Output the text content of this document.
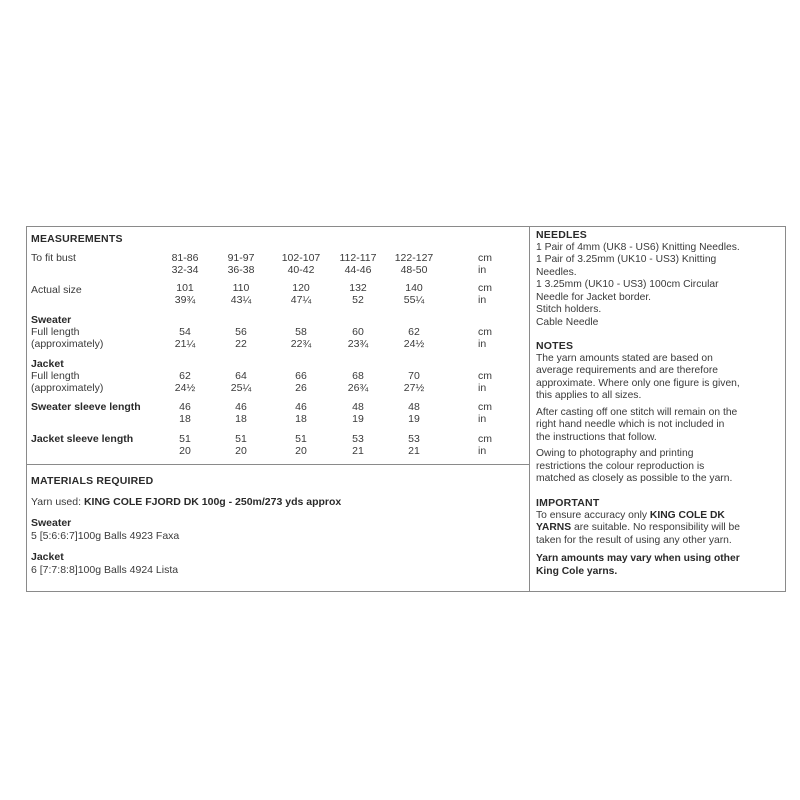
MEASUREMENTS
To fit bust	81-86	91-97	102-107	112-117	122-127	cm
32-34	36-38	40-42	44-46	48-50	in
Actual size	101	110	120	132	140	cm
39¾	43¼	47¼	52	55¼	in
Sweater
Full length
(approximately)
54	56	58	60	62	cm
21¼	22	22¾	23¾	24½	in
Jacket
Full length
(approximately)
62	64	66	68	70	cm
24½	25¼	26	26¾	27½	in
Sweater sleeve length	46	46	46	48	48	cm
18	18	18	19	19	in
Jacket sleeve length	51	51	51	53	53	cm
20	20	20	21	21	in
MATERIALS REQUIRED
Yarn used: KING COLE FJORD DK 100g - 250m/273 yds approx
Sweater
5 [5:6:6:7]100g Balls 4923 Faxa
Jacket
6 [7:7:8:8]100g Balls 4924 Lista
NEEDLES
1 Pair of 4mm (UK8 - US6) Knitting Needles.
1 Pair of 3.25mm (UK10 - US3) Knitting
Needles.
1 3.25mm (UK10 - US3) 100cm Circular
Needle for Jacket border.
Stitch holders.
Cable Needle
NOTES
The yarn amounts stated are based on
average requirements and are therefore
approximate. Where only one figure is given,
this applies to all sizes.
After casting off one stitch will remain on the
right hand needle which is not included in
the instructions that follow.
Owing to photography and printing
restrictions the colour reproduction is
matched as closely as possible to the yarn.
IMPORTANT
To ensure accuracy only KING COLE DK
YARNS are suitable. No responsibility will be
taken for the result of using any other yarn.
Yarn amounts may vary when using other
King Cole yarns.
